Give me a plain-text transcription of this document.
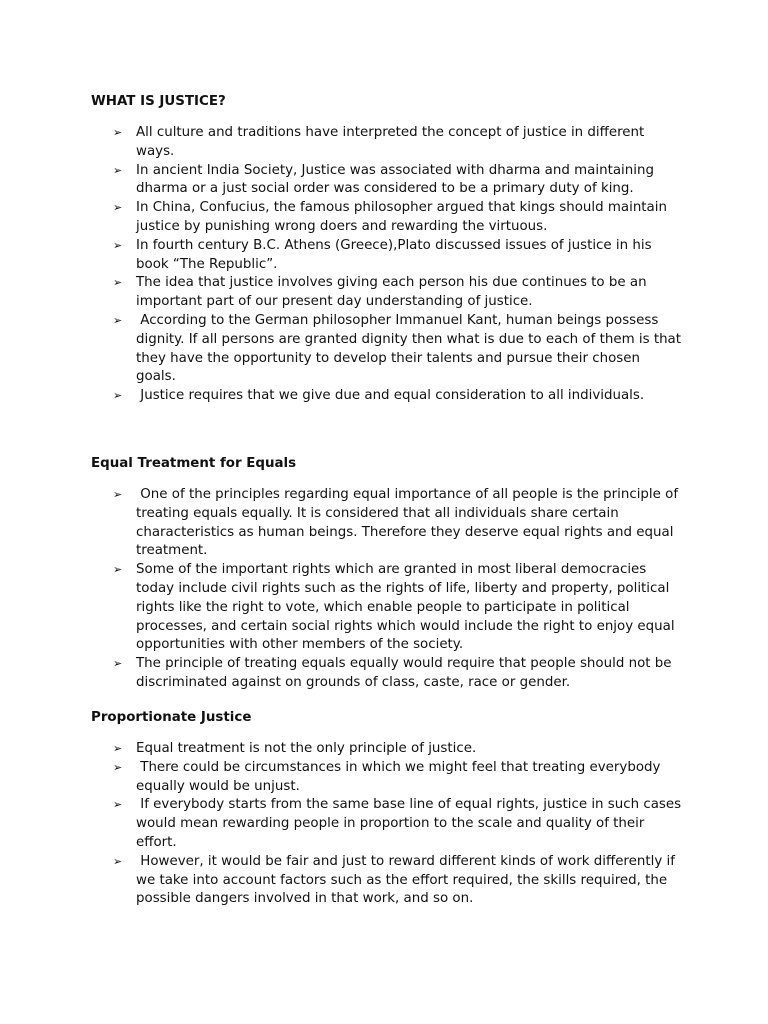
WHAT IS JUSTICE?
➢ All culture and traditions have interpreted the concept of justice in different ways.
➢ In ancient India Society, Justice was associated with dharma and maintaining dharma or a just social order was considered to be a primary duty of king.
➢ In China, Confucius, the famous philosopher argued that kings should maintain justice by punishing wrong doers and rewarding the virtuous.
➢ In fourth century B.C. Athens (Greece),Plato discussed issues of justice in his book “The Republic”.
➢ The idea that justice involves giving each person his due continues to be an important part of our present day understanding of justice.
➢ According to the German philosopher Immanuel Kant, human beings possess dignity. If all persons are granted dignity then what is due to each of them is that they have the opportunity to develop their talents and pursue their chosen goals.
➢ Justice requires that we give due and equal consideration to all individuals.
Equal Treatment for Equals
➢ One of the principles regarding equal importance of all people is the principle of treating equals equally. It is considered that all individuals share certain characteristics as human beings. Therefore they deserve equal rights and equal treatment.
➢ Some of the important rights which are granted in most liberal democracies today include civil rights such as the rights of life, liberty and property, political rights like the right to vote, which enable people to participate in political processes, and certain social rights which would include the right to enjoy equal opportunities with other members of the society.
➢ The principle of treating equals equally would require that people should not be discriminated against on grounds of class, caste, race or gender.
Proportionate Justice
➢ Equal treatment is not the only principle of justice.
➢ There could be circumstances in which we might feel that treating everybody equally would be unjust.
➢ If everybody starts from the same base line of equal rights, justice in such cases would mean rewarding people in proportion to the scale and quality of their effort.
➢ However, it would be fair and just to reward different kinds of work differently if we take into account factors such as the effort required, the skills required, the possible dangers involved in that work, and so on.
